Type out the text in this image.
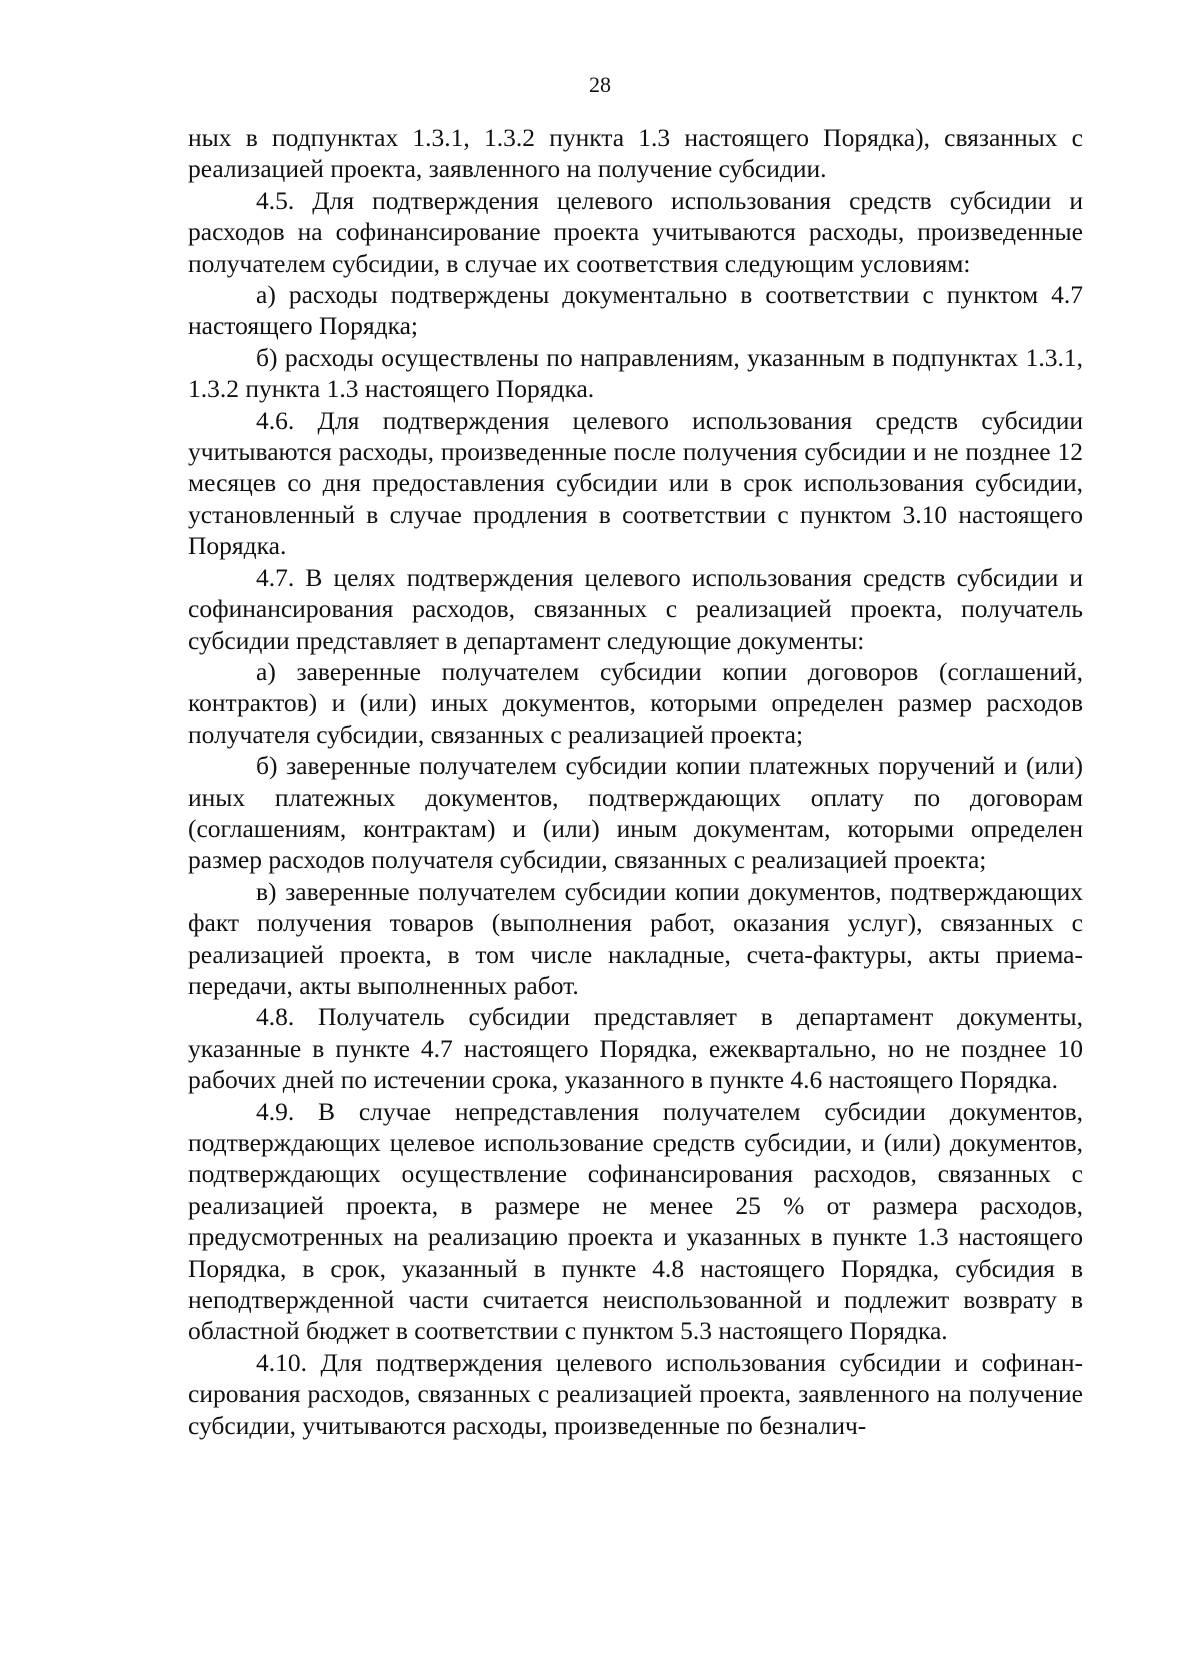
28

ных в подпунктах 1.3.1, 1.3.2 пункта 1.3 настоящего Порядка), связанных с реализацией проекта, заявленного на получение субсидии.

4.5. Для подтверждения целевого использования средств субсидии и расходов на софинансирование проекта учитываются расходы, произведенные получателем субсидии, в случае их соответствия следующим условиям:

а) расходы подтверждены документально в соответствии с пунктом 4.7 настоящего Порядка;

б) расходы осуществлены по направлениям, указанным в подпунктах 1.3.1, 1.3.2 пункта 1.3 настоящего Порядка.

4.6. Для подтверждения целевого использования средств субсидии учитываются расходы, произведенные после получения субсидии и не позднее 12 месяцев со дня предоставления субсидии или в срок использования субсидии, установленный в случае продления в соответствии с пунктом 3.10 настоящего Порядка.

4.7. В целях подтверждения целевого использования средств субсидии и софинансирования расходов, связанных с реализацией проекта, получатель субсидии представляет в департамент следующие документы:

а) заверенные получателем субсидии копии договоров (соглашений, контрактов) и (или) иных документов, которыми определен размер расходов получателя субсидии, связанных с реализацией проекта;

б) заверенные получателем субсидии копии платежных поручений и (или) иных платежных документов, подтверждающих оплату по договорам (соглашениям, контрактам) и (или) иным документам, которыми определен размер расходов получателя субсидии, связанных с реализацией проекта;

в) заверенные получателем субсидии копии документов, подтверждающих факт получения товаров (выполнения работ, оказания услуг), связанных с реализацией проекта, в том числе накладные, счета-фактуры, акты приема-передачи, акты выполненных работ.

4.8. Получатель субсидии представляет в департамент документы, указанные в пункте 4.7 настоящего Порядка, ежеквартально, но не позднее 10 рабочих дней по истечении срока, указанного в пункте 4.6 настоящего Порядка.

4.9. В случае непредставления получателем субсидии документов, подтверждающих целевое использование средств субсидии, и (или) документов, подтверждающих осуществление софинансирования расходов, связанных с реализацией проекта, в размере не менее 25 % от размера расходов, предусмотренных на реализацию проекта и указанных в пункте 1.3 настоящего Порядка, в срок, указанный в пункте 4.8 настоящего Порядка, субсидия в неподтвержденной части считается неиспользованной и подлежит возврату в областной бюджет в соответствии с пунктом 5.3 настоящего Порядка.

4.10. Для подтверждения целевого использования субсидии и софинансирования расходов, связанных с реализацией проекта, заявленного на получение субсидии, учитываются расходы, произведенные по безналич-
